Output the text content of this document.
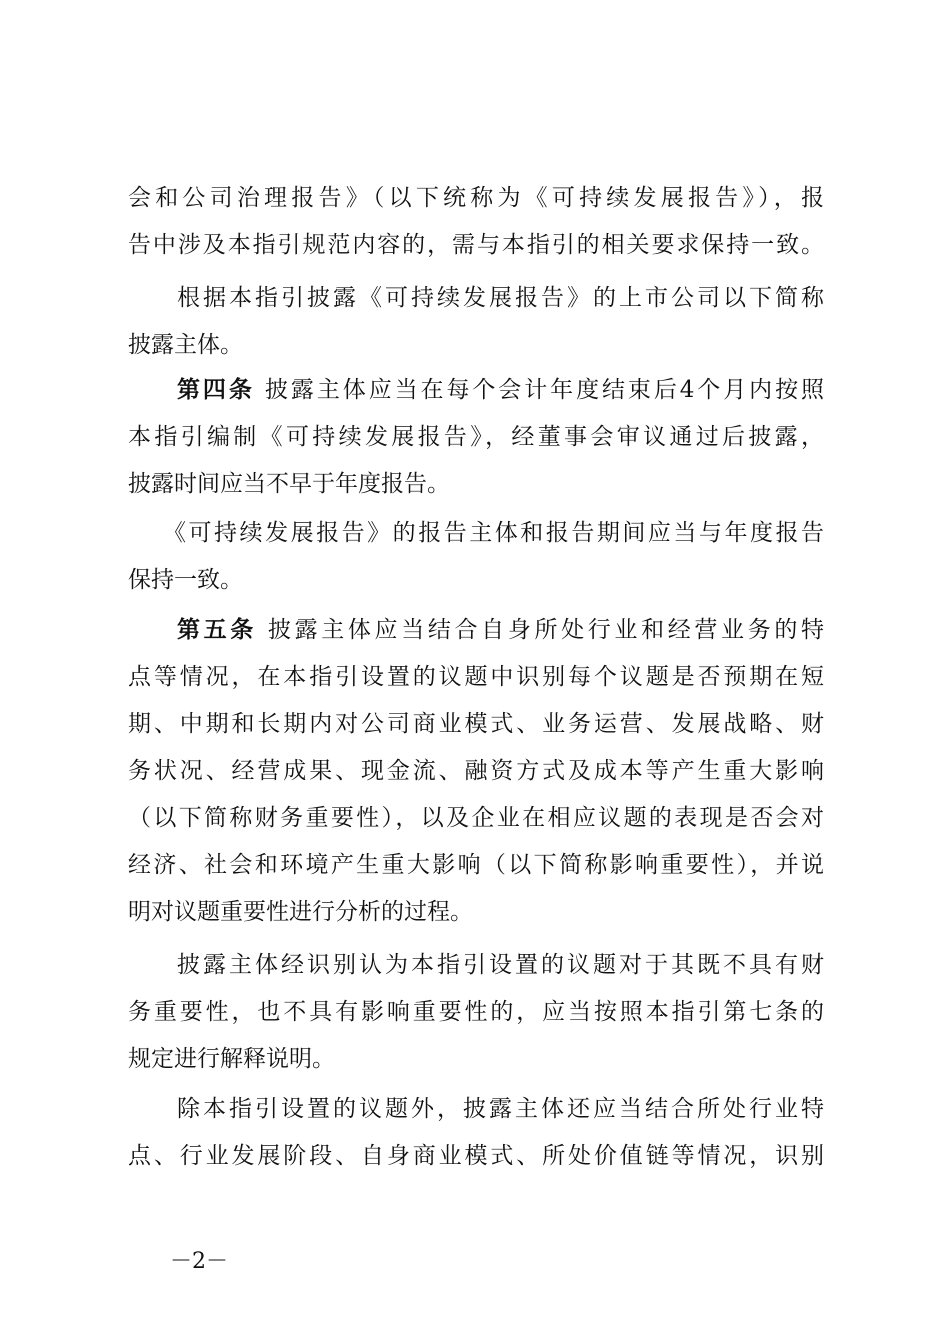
会和公司治理报告》（以下统称为《可持续发展报告》），报
告中涉及本指引规范内容的，需与本指引的相关要求保持一致。
根据本指引披露《可持续发展报告》的上市公司以下简称
披露主体。
第四条 披露主体应当在每个会计年度结束后4个月内按照
本指引编制《可持续发展报告》，经董事会审议通过后披露，
披露时间应当不早于年度报告。
《可持续发展报告》的报告主体和报告期间应当与年度报告
保持一致。
第五条 披露主体应当结合自身所处行业和经营业务的特
点等情况，在本指引设置的议题中识别每个议题是否预期在短
期、中期和长期内对公司商业模式、业务运营、发展战略、财
务状况、经营成果、现金流、融资方式及成本等产生重大影响
（以下简称财务重要性），以及企业在相应议题的表现是否会对
经济、社会和环境产生重大影响（以下简称影响重要性），并说
明对议题重要性进行分析的过程。
披露主体经识别认为本指引设置的议题对于其既不具有财
务重要性，也不具有影响重要性的，应当按照本指引第七条的
规定进行解释说明。
除本指引设置的议题外，披露主体还应当结合所处行业特
点、行业发展阶段、自身商业模式、所处价值链等情况，识别
－2－
